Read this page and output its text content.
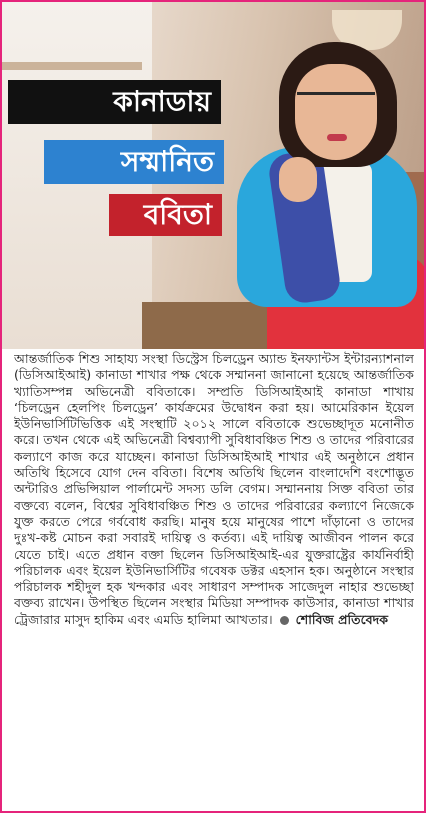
কানাডায়
সম্মানিত
ববিতা
আন্তর্জাতিক শিশু সাহায্য সংস্থা ডিস্ট্রেস চিলড্রেন অ্যান্ড ইনফ্যান্টস ইন্টারন্যাশনাল (ডিসিআইআই) কানাডা শাখার পক্ষ থেকে সম্মাননা জানানো হয়েছে আন্তর্জাতিক খ্যাতিসম্পন্ন অভিনেত্রী ববিতাকে। সম্প্রতি ডিসিআইআই কানাডা শাখায় ‘চিলড্রেন হেলপিং চিলড্রেন’ কার্যক্রমের উদ্বোধন করা হয়। আমেরিকান ইয়েল ইউনিভার্সিটিভিত্তিক এই সংস্থাটি ২০১২ সালে ববিতাকে শুভেচ্ছাদূত মনোনীত করে। তখন থেকে এই অভিনেত্রী বিশ্বব্যাপী সুবিধাবঞ্চিত শিশু ও তাদের পরিবারের কল্যাণে কাজ করে যাচ্ছেন। কানাডা ডিসিআইআই শাখার এই অনুষ্ঠানে প্রধান অতিথি হিসেবে যোগ দেন ববিতা। বিশেষ অতিথি ছিলেন বাংলাদেশি বংশোদ্ভূত অন্টারিও প্রভিন্সিয়াল পার্লামেন্ট সদস্য ডলি বেগম। সম্মাননায় সিক্ত ববিতা তার বক্তব্যে বলেন, বিশ্বের সুবিধাবঞ্চিত শিশু ও তাদের পরিবারের কল্যাণে নিজেকে যুক্ত করতে পেরে গর্ববোধ করছি। মানুষ হয়ে মানুষের পাশে দাঁড়ানো ও তাদের দুঃখ-কষ্ট মোচন করা সবারই দায়িত্ব ও কর্তব্য। এই দায়িত্ব আজীবন পালন করে যেতে চাই। এতে প্রধান বক্তা ছিলেন ডিসিআইআই-এর যুক্তরাষ্ট্রের কার্যনির্বাহী পরিচালক এবং ইয়েল ইউনিভার্সিটির গবেষক ডক্টর এহসান হক। অনুষ্ঠানে সংস্থার পরিচালক শহীদুল হক খন্দকার এবং সাধারণ সম্পাদক সাজেদুল নাহার শুভেচ্ছা বক্তব্য রাখেন। উপস্থিত ছিলেন সংস্থার মিডিয়া সম্পাদক কাউসার, কানাডা শাখার ট্রেজারার মাসুদ হাকিম এবং এমডি হালিমা আখতার। শোবিজ প্রতিবেদক
